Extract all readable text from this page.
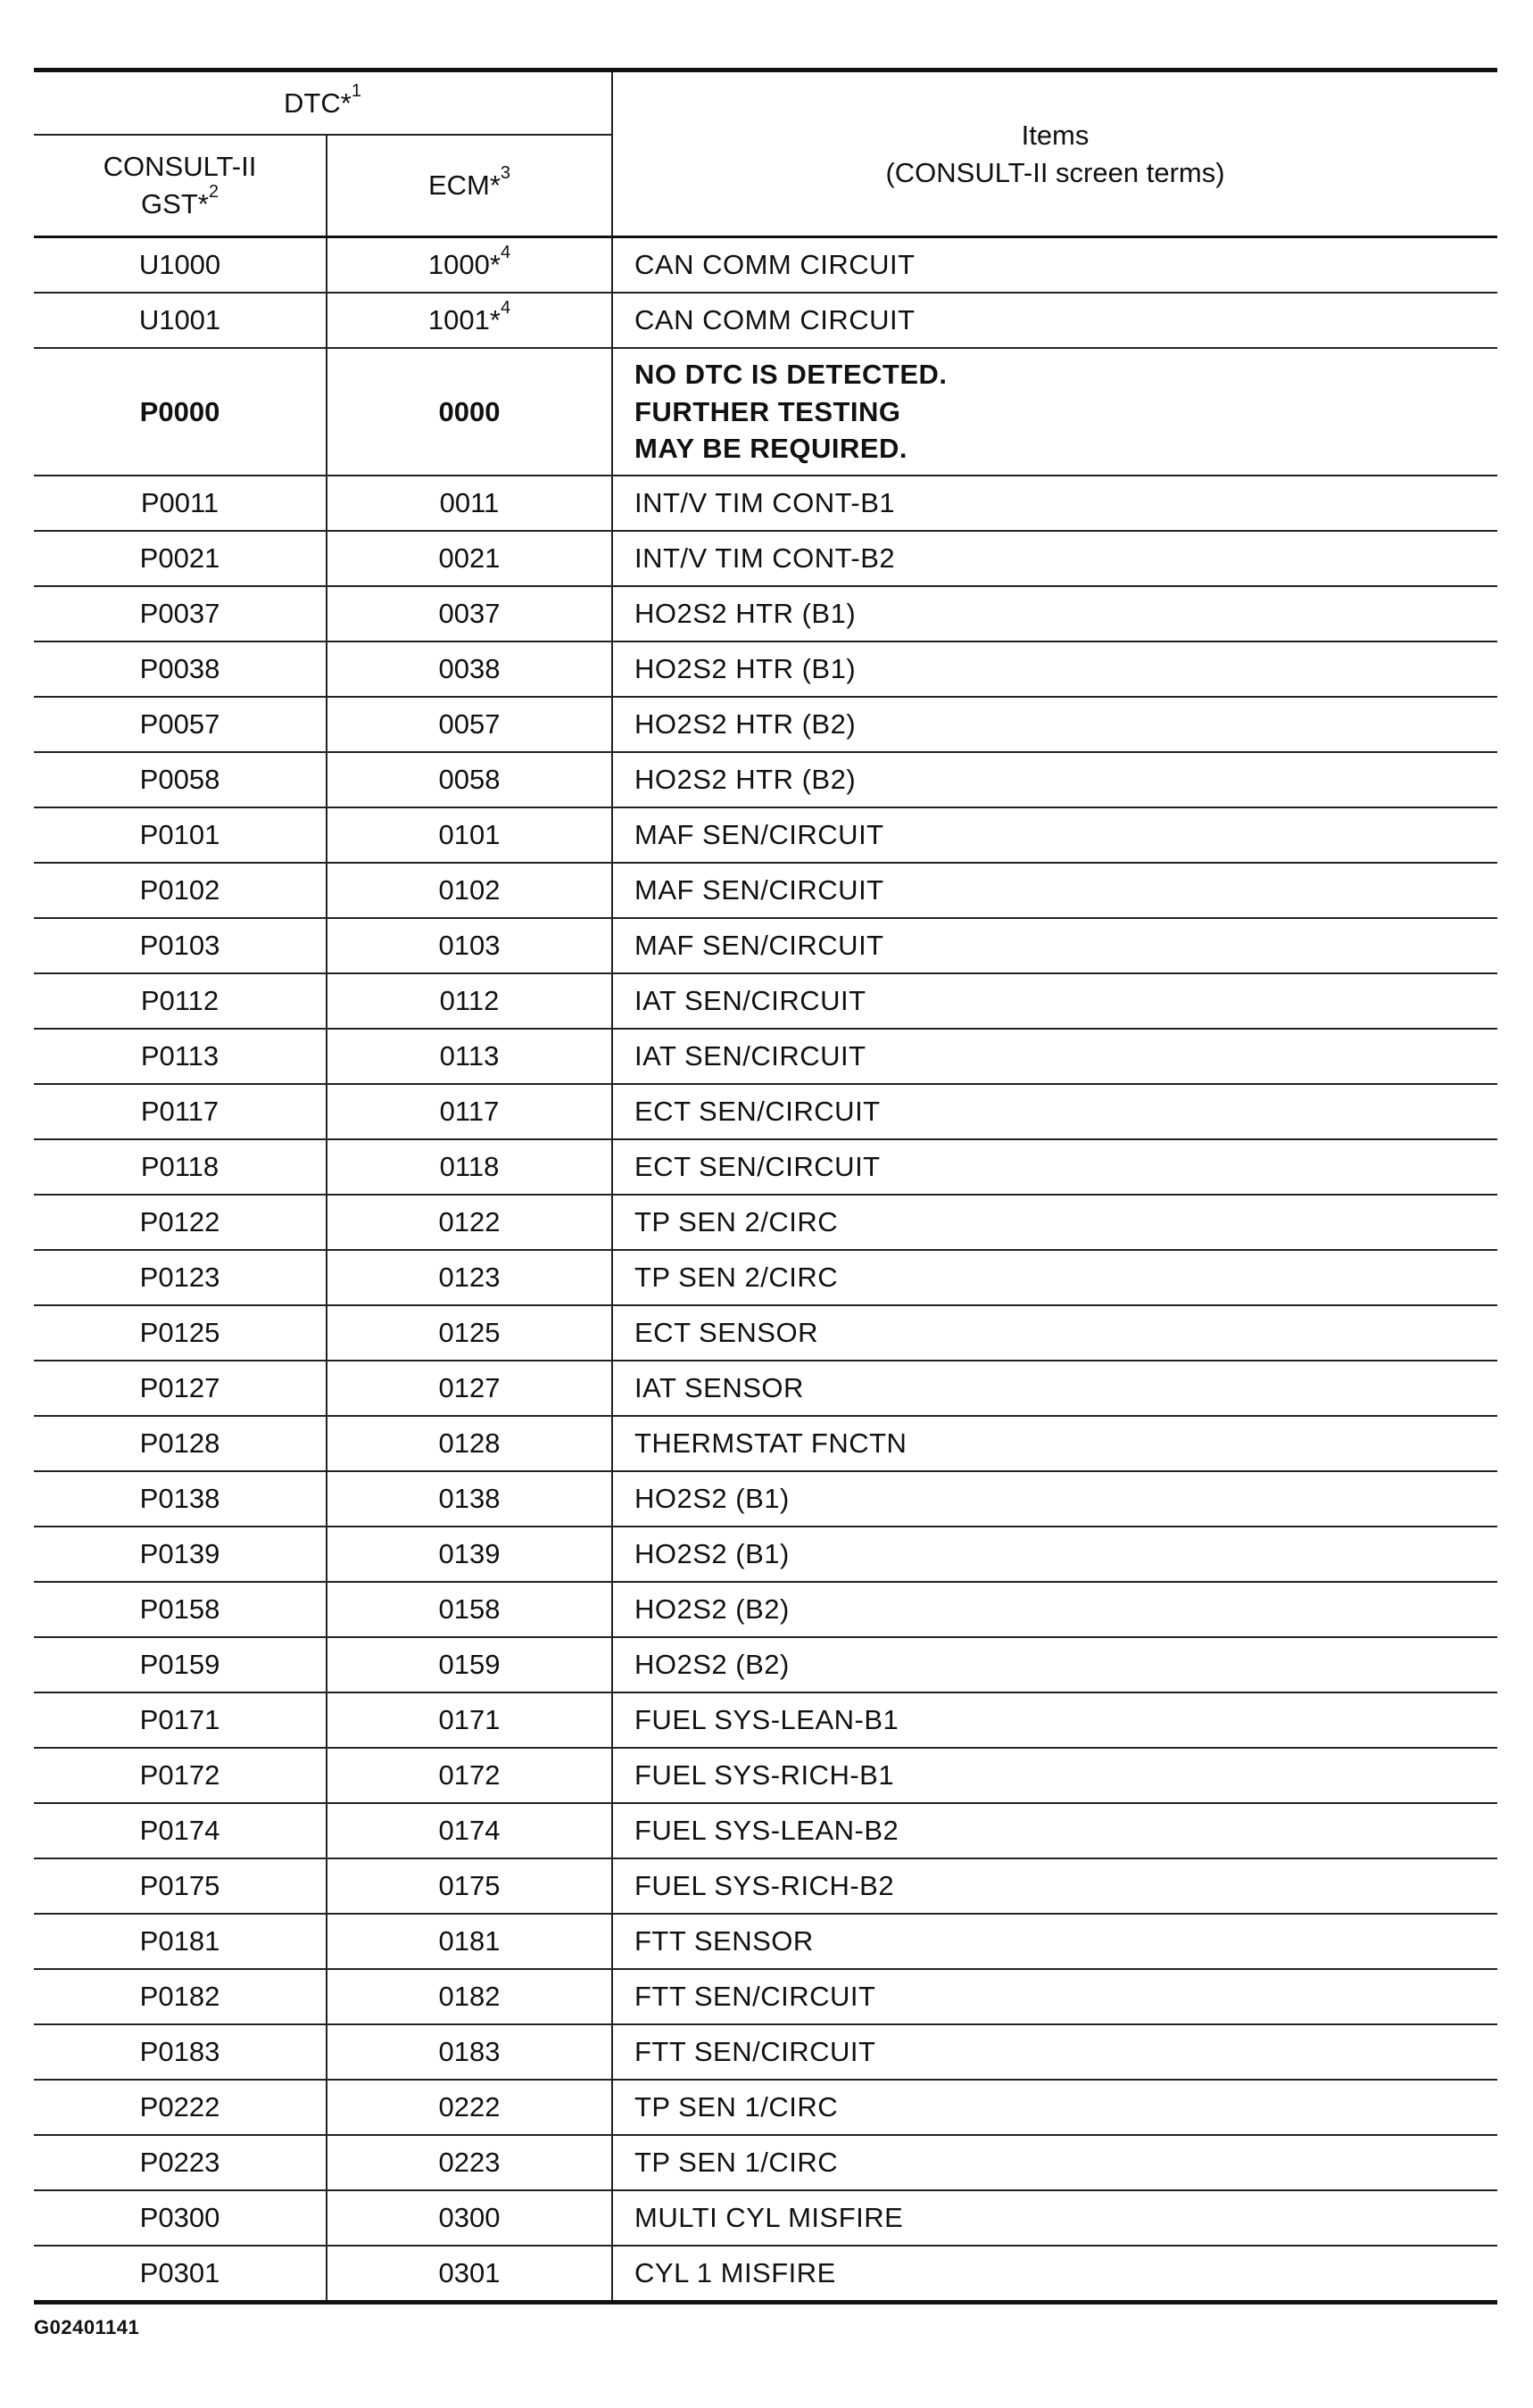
DTC*$^1$		Items
(CONSULT-II screen terms)

CONSULT-II
GST*$^2$	ECM*$^3$
U1000	1000*$^4$	CAN COMM CIRCUIT
U1001	1001*$^4$	CAN COMM CIRCUIT
P0000	0000	NO DTC IS DETECTED.
FURTHER TESTING
MAY BE REQUIRED.

P0011	0011	INT/V TIM CONT-B1
P0021	0021	INT/V TIM CONT-B2
P0037	0037	HO2S2 HTR (B1)
P0038	0038	HO2S2 HTR (B1)
P0057	0057	HO2S2 HTR (B2)
P0058	0058	HO2S2 HTR (B2)
P0101	0101	MAF SEN/CIRCUIT
P0102	0102	MAF SEN/CIRCUIT
P0103	0103	MAF SEN/CIRCUIT
P0112	0112	IAT SEN/CIRCUIT
P0113	0113	IAT SEN/CIRCUIT
P0117	0117	ECT SEN/CIRCUIT
P0118	0118	ECT SEN/CIRCUIT
P0122	0122	TP SEN 2/CIRC
P0123	0123	TP SEN 2/CIRC
P0125	0125	ECT SENSOR
P0127	0127	IAT SENSOR
P0128	0128	THERMSTAT FNCTN
P0138	0138	HO2S2 (B1)
P0139	0139	HO2S2 (B1)
P0158	0158	HO2S2 (B2)
P0159	0159	HO2S2 (B2)
P0171	0171	FUEL SYS-LEAN-B1
P0172	0172	FUEL SYS-RICH-B1
P0174	0174	FUEL SYS-LEAN-B2
P0175	0175	FUEL SYS-RICH-B2
P0181	0181	FTT SENSOR
P0182	0182	FTT SEN/CIRCUIT
P0183	0183	FTT SEN/CIRCUIT
P0222	0222	TP SEN 1/CIRC
P0223	0223	TP SEN 1/CIRC
P0300	0300	MULTI CYL MISFIRE
P0301	0301	CYL 1 MISFIRE
G02401141
